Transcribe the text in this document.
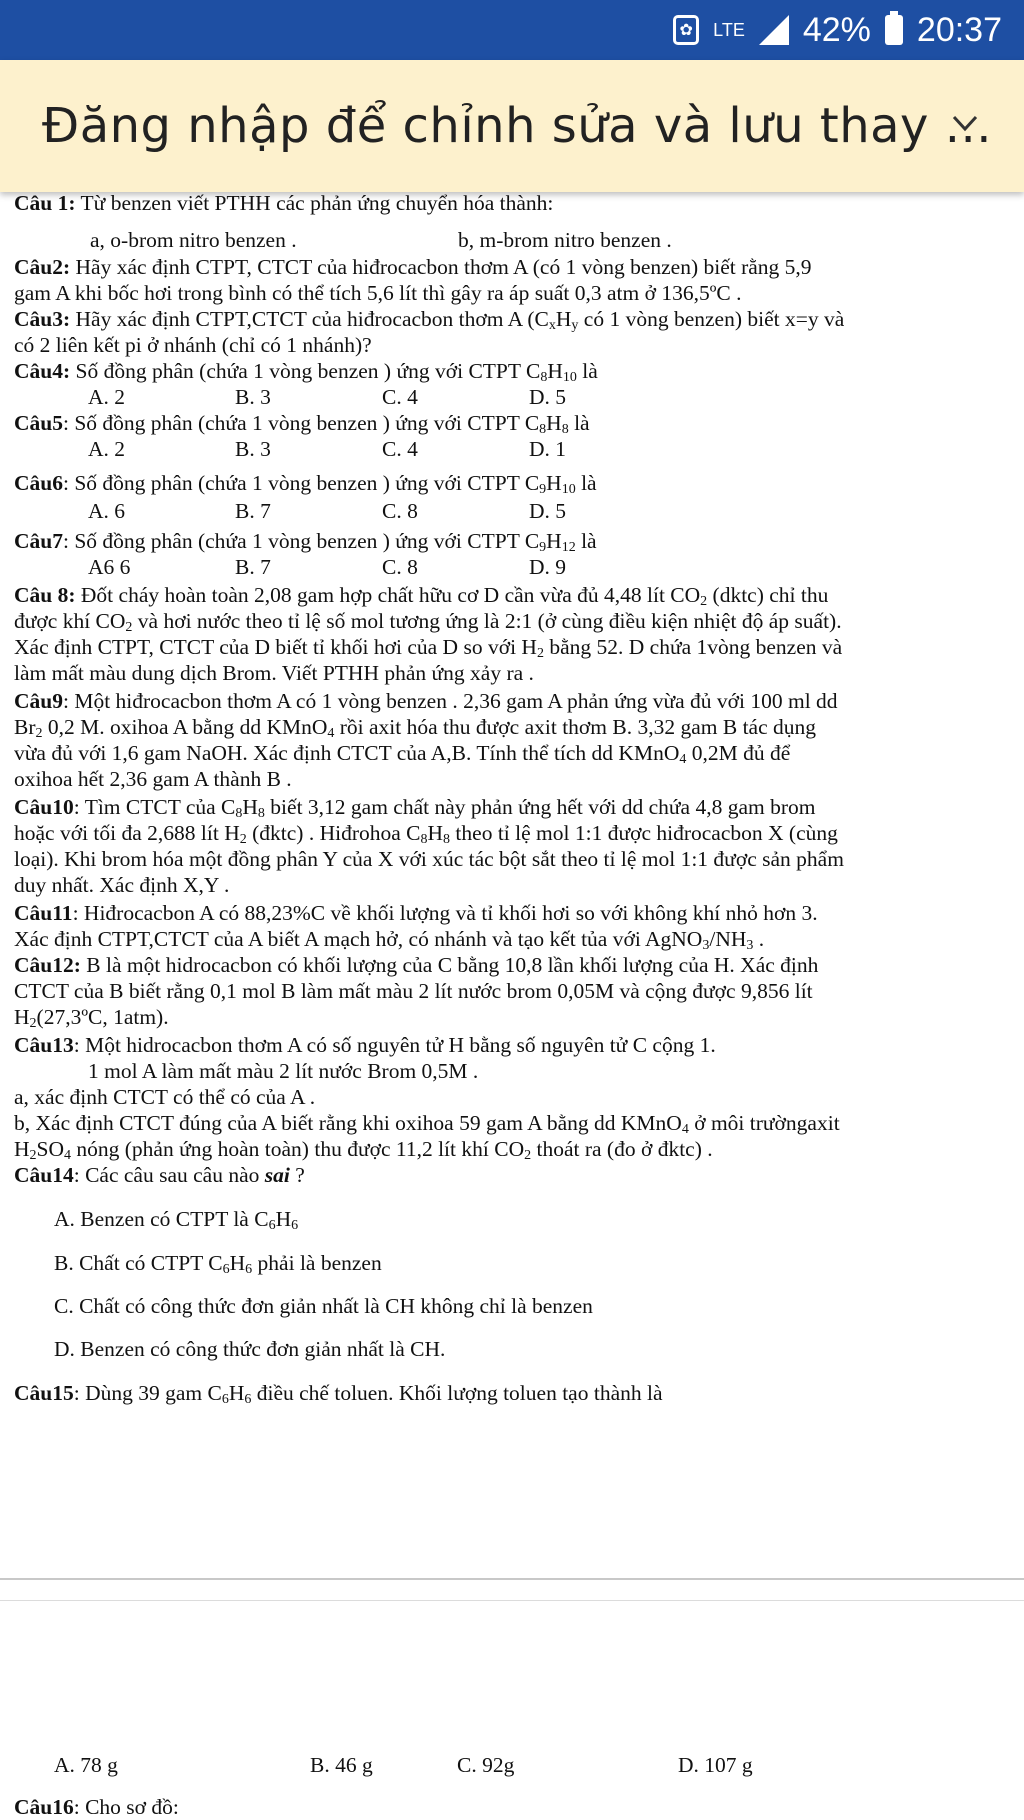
✿	LTE 42% 20:37
Đăng nhập để chỉnh sửa và lưu thay ...
Câu 1: Từ benzen viết PTHH các phản ứng chuyển hóa thành:
a, o-brom nitro benzen .	b, m-brom nitro benzen .
Câu2: Hãy xác định CTPT, CTCT của hiđrocacbon thơm A (có 1 vòng benzen) biết rằng 5,9
gam A khi bốc hơi trong bình có thể tích 5,6 lít thì gây ra áp suất 0,3 atm ở 136,5ºC .
Câu3: Hãy xác định CTPT,CTCT của hiđrocacbon thơm A ($C_xH_y$ có 1 vòng benzen) biết x=y và
có 2 liên kết pi ở nhánh (chỉ có 1 nhánh)?
Câu4: Số đồng phân (chứa 1 vòng benzen ) ứng với CTPT $C_8H_{10}$ là
A. 2	B. 3	C. 4	D. 5
Câu5: Số đồng phân (chứa 1 vòng benzen ) ứng với CTPT $C_8H_8$ là
A. 2	B. 3	C. 4	D. 1
Câu6: Số đồng phân (chứa 1 vòng benzen ) ứng với CTPT $C_9H_{10}$ là
A. 6	B. 7	C. 8	D. 5
Câu7: Số đồng phân (chứa 1 vòng benzen ) ứng với CTPT $C_9H_{12}$ là
A6 6	B. 7	C. 8	D. 9
Câu 8: Đốt cháy hoàn toàn 2,08 gam hợp chất hữu cơ D cần vừa đủ 4,48 lít $CO_2$ (dktc) chỉ thu
được khí $CO_2$ và hơi nước theo tỉ lệ số mol tương ứng là 2:1 (ở cùng điều kiện nhiệt độ áp suất).
Xác định CTPT, CTCT của D biết tỉ khối hơi của D so với $H_2$ bằng 52. D chứa 1vòng benzen và
làm mất màu dung dịch Brom. Viết PTHH phản ứng xảy ra .
Câu9: Một hiđrocacbon thơm A có 1 vòng benzen . 2,36 gam A phản ứng vừa đủ với 100 ml dd
$Br_2$ 0,2 M. oxihoa A bằng dd KMnO$_4$ rồi axit hóa thu được axit thơm B. 3,32 gam B tác dụng
vừa đủ với 1,6 gam NaOH. Xác định CTCT của A,B. Tính thể tích dd KMnO$_4$ 0,2M đủ để
oxihoa hết 2,36 gam A thành B .
Câu10: Tìm CTCT của $C_8H_8$ biết 3,12 gam chất này phản ứng hết với dd chứa 4,8 gam brom
hoặc với tối đa 2,688 lít $H_2$ (đktc) . Hiđrohoa $C_8H_8$ theo tỉ lệ mol 1:1 được hiđrocacbon X (cùng
loại). Khi brom hóa một đồng phân Y của X với xúc tác bột sắt theo tỉ lệ mol 1:1 được sản phẩm
duy nhất. Xác định X,Y .
Câu11: Hiđrocacbon A có 88,23%C về khối lượng và tỉ khối hơi so với không khí nhỏ hơn 3.
Xác định CTPT,CTCT của A biết A mạch hở, có nhánh và tạo kết tủa với $AgNO_3/NH_3$ .
Câu12: B là một hidrocacbon có khối lượng của C bằng 10,8 lần khối lượng của H. Xác định
CTCT của B biết rằng 0,1 mol B làm mất màu 2 lít nước brom 0,05M và cộng được 9,856 lít
$H_2(27,3ºC$, 1atm).
Câu13: Một hidrocacbon thơm A có số nguyên tử H bằng số nguyên tử C cộng 1.
1 mol A làm mất màu 2 lít nước Brom 0,5M .
a, xác định CTCT có thể có của A .
b, Xác định CTCT đúng của A biết rằng khi oxihoa 59 gam A bằng dd KMnO$_4$ ở môi trườngaxit
$H_2SO_4$ nóng (phản ứng hoàn toàn) thu được 11,2 lít khí $CO_2$ thoát ra (đo ở đktc) .
Câu14: Các câu sau câu nào sai ?
A. Benzen có CTPT là $C_6H_6$
B. Chất có CTPT $C_6H_6$ phải là benzen
C. Chất có công thức đơn giản nhất là CH không chỉ là benzen
D. Benzen có công thức đơn giản nhất là CH.
Câu15: Dùng 39 gam $C_6H_6$ điều chế toluen. Khối lượng toluen tạo thành là
A. 78 g	B. 46 g	C. 92g	D. 107 g
Câu16: Cho sơ đồ:
